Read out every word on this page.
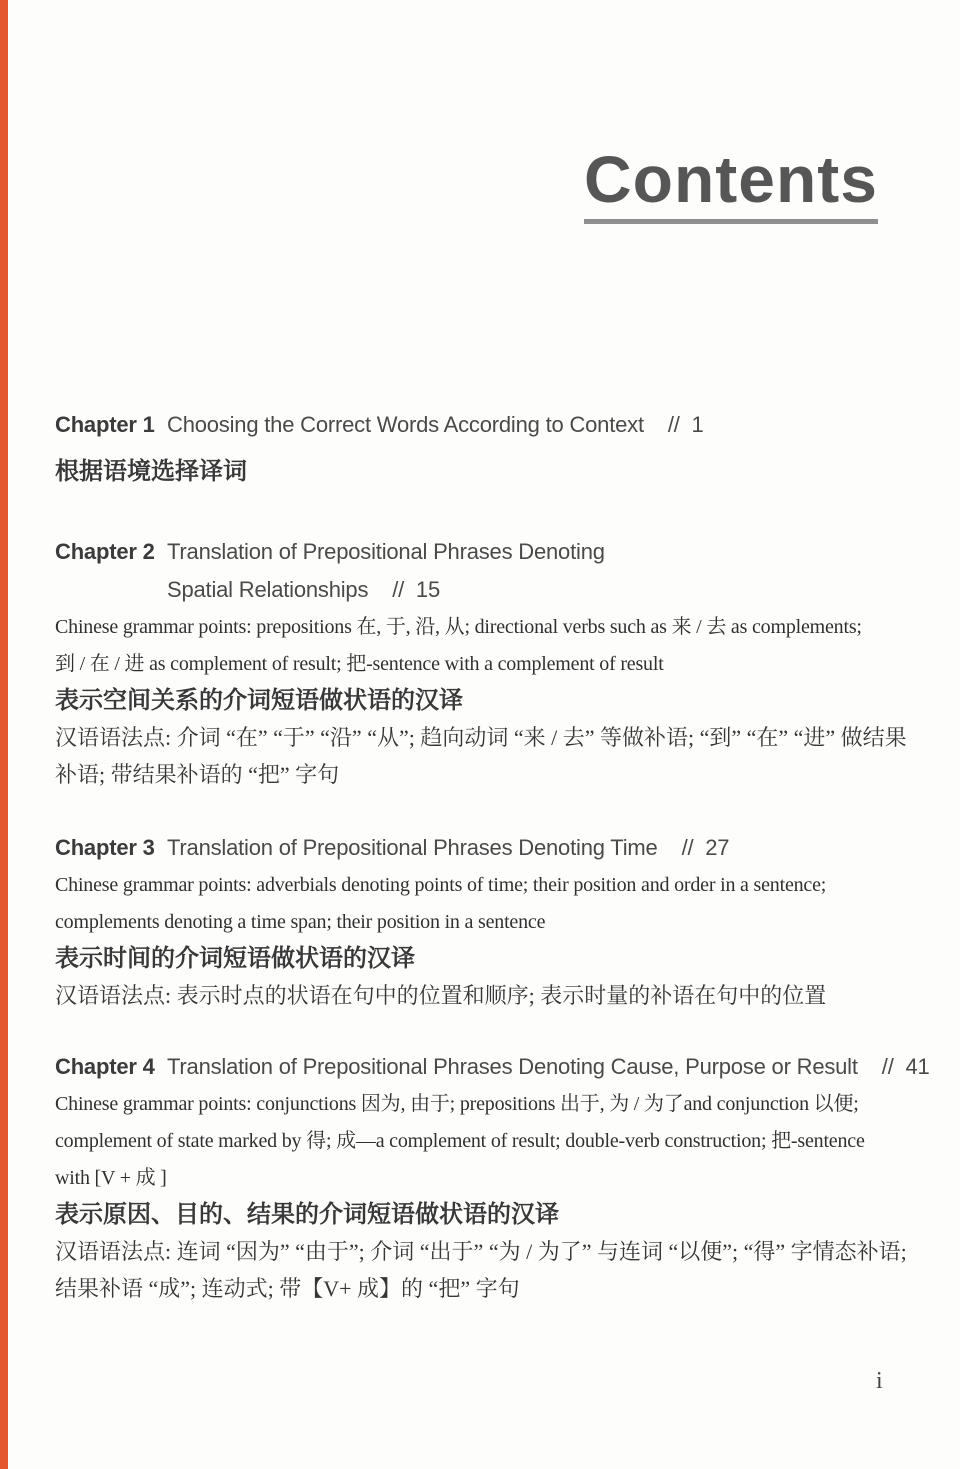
Contents
Chapter 1 Choosing the Correct Words According to Context //  1
根据语境选择译词
Chapter 2 Translation of Prepositional Phrases Denoting
Spatial Relationships //  15
Chinese grammar points: prepositions 在, 于, 沿, 从; directional verbs such as 来 / 去 as complements;
到 / 在 / 进 as complement of result; 把-sentence with a complement of result
表示空间关系的介词短语做状语的汉译
汉语语法点: 介词 “在” “于” “沿” “从”; 趋向动词 “来 / 去” 等做补语; “到” “在” “进” 做结果
补语; 带结果补语的 “把” 字句
Chapter 3 Translation of Prepositional Phrases Denoting Time //  27
Chinese grammar points: adverbials denoting points of time; their position and order in a sentence;
complements denoting a time span; their position in a sentence
表示时间的介词短语做状语的汉译
汉语语法点: 表示时点的状语在句中的位置和顺序; 表示时量的补语在句中的位置
Chapter 4 Translation of Prepositional Phrases Denoting Cause, Purpose or Result //  41
Chinese grammar points: conjunctions 因为, 由于; prepositions 出于, 为 / 为了and conjunction 以便;
complement of state marked by 得; 成—a complement of result; double-verb construction; 把-sentence
with [V + 成 ]
表示原因、目的、结果的介词短语做状语的汉译
汉语语法点: 连词 “因为” “由于”; 介词 “出于” “为 / 为了” 与连词 “以便”; “得” 字情态补语;
结果补语 “成”; 连动式; 带【V+ 成】的 “把” 字句
i
